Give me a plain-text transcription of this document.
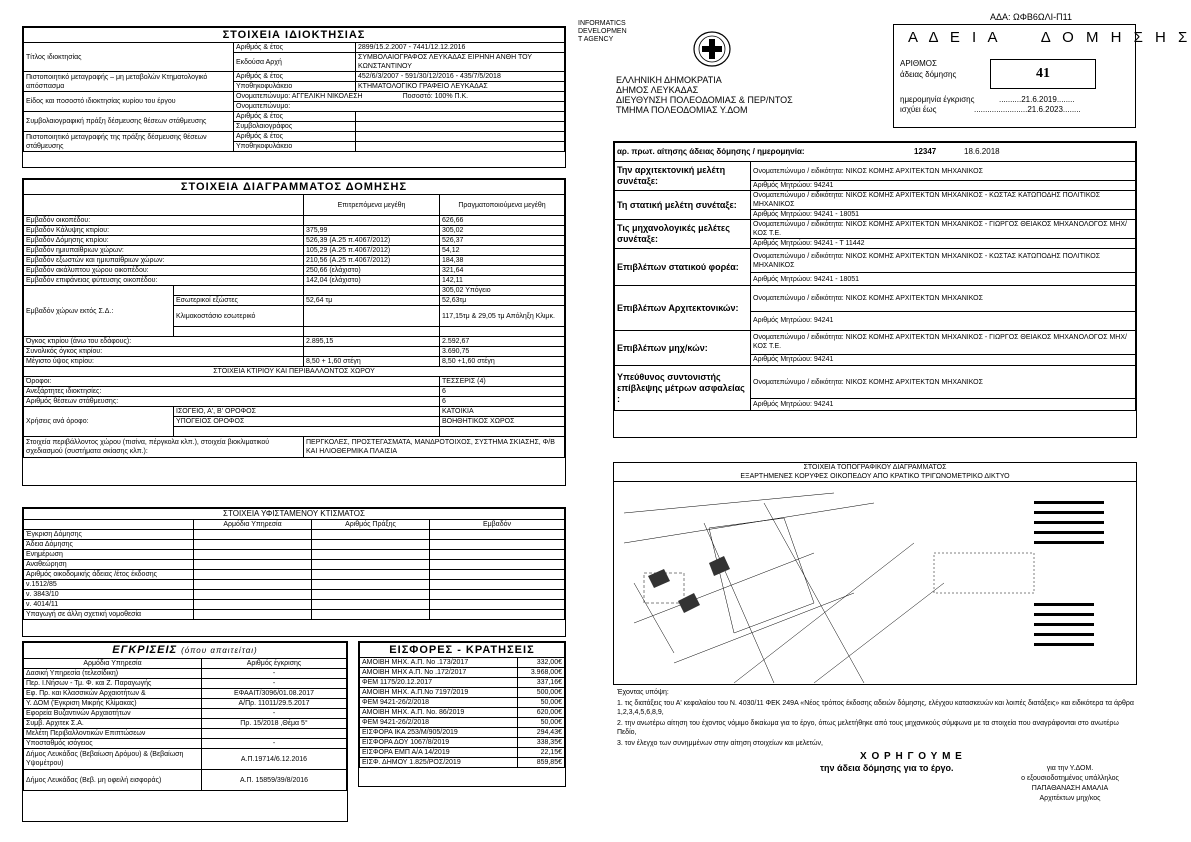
ΑΔΑ: ΩΦΒ6ΩΛΙ-Π11
INFORMATICS
DEVELOPMEN
T AGENCY
ΕΛΛΗΝΙΚΗ ΔΗΜΟΚΡΑΤΙΑ
ΔΗΜΟΣ ΛΕΥΚΑΔΑΣ
ΔΙΕΥΘΥΝΣΗ ΠΟΛΕΟΔΟΜΙΑΣ & ΠΕΡ/ΝΤΟΣ
ΤΜΗΜΑ ΠΟΛΕΟΔΟΜΙΑΣ Υ.ΔΟΜ
Α Δ Ε Ι Α     Δ Ο Μ Η Σ Η Σ
ΑΡΙΘΜΟΣ
άδειας δόμησης	41
ημερομηνία έγκρισης	..........21.6.2019........
ισχύει έως	........................21.6.2023........
ΣΤΟΙΧΕΙΑ ΙΔΙΟΚΤΗΣΙΑΣ		
Τίτλος ιδιοκτησίας	Αριθμός & έτος	2899/15.2.2007 - 7441/12.12.2016
	Εκδούσα Αρχή	ΣΥΜΒΟΛΑΙΟΓΡΑΦΟΣ ΛΕΥΚΑΔΑΣ ΕΙΡΗΝΗ ΑΝΘΗ ΤΟΥ ΚΩΝΣΤΑΝΤΙΝΟΥ
Πιστοποιητικό μεταγραφής – μη μεταβολών Κτηματολογικό απόσπασμα	Αριθμός & έτος	452/6/3/2007 - 591/30/12/2016 - 435/7/5/2018
	Υποθηκοφυλάκειο	ΚΤΗΜΑΤΟΛΟΓΙΚΟ ΓΡΑΦΕΙΟ ΛΕΥΚΑΔΑΣ
Είδος και ποσοστό ιδιοκτησίας κυρίου του έργου	Ονοματεπώνυμο: ΑΓΓΕΛΙΚΗ ΝΙΚΟΛΕΣΗ Ποσοστό: 100% Π.Κ.	
	Ονοματεπώνυμο:	
Συμβολαιογραφική πράξη δέσμευσης θέσεων στάθμευσης	Αριθμός & έτος	
	Συμβολαιογράφος	
Πιστοποιητικό μεταγραφής της πράξης δέσμευσης θέσεων στάθμευσης	Αριθμός & έτος	
	Υποθηκοφυλάκειο	
ΣΤΟΙΧΕΙΑ ΔΙΑΓΡΑΜΜΑΤΟΣ ΔΟΜΗΣΗΣ			
		Επιτρεπόμενα μεγέθη	Πραγματοποιούμενα μεγέθη
Εμβαδόν οικοπέδου:			626,66
Εμβαδόν Κάλυψης κτιρίου:		375,99	305,02
Εμβαδόν Δόμησης κτιρίου:		526,39 (Α.25 π.4067/2012)	526,37
Εμβαδόν ημιυπαίθριων χώρων:		105,29 (Α.25 π.4067/2012)	54,12
Εμβαδόν εξωστών και ημιυπαίθριων χώρων:		210,56 (Α.25 π.4067/2012)	184,38
Εμβαδόν ακάλυπτου χώρου οικοπέδου:		250,66 (ελάχιστο)	321,64
Εμβαδόν επιφάνειας φύτευσης οικοπέδου:		142,04 (ελάχιστο)	142,11
Εμβαδόν χώρων εκτός Σ.Δ.:			305,02 Υπόγειο
	Εσωτερικοί εξώστες	52,64 τμ	52,63τμ
	Κλιμακοστάσιο εσωτερικό		117,15τμ & 29,05 τμ Απόληξη Κλιμκ.

Όγκος κτιρίου (άνω του εδάφους):		2.895,15	2.592,67
Συνολικός όγκος κτιρίου:			3.690,75
Μέγιστο ύψος κτιρίου:		8,50 + 1,60 στέγη	8,50 +1,60 στέγη
ΣΤΟΙΧΕΙΑ ΚΤΙΡΙΟΥ ΚΑΙ ΠΕΡΙΒΑΛΛΟΝΤΟΣ ΧΩΡΟΥ			
Όροφοι:			ΤΕΣΣΕΡΙΣ (4)
Ανεξάρτητες ιδιοκτησίες:			6
Αριθμός θέσεων στάθμευσης:			6
Χρήσεις ανά όροφο:	ΙΣΟΓΕΙΟ, Α', Β' ΟΡΟΦΟΣ		ΚΑΤΟΙΚΙΑ
	ΥΠΟΓΕΙΟΣ ΟΡΟΦΟΣ		ΒΟΗΘΗΤΙΚΟΣ ΧΩΡΟΣ

Στοιχεία περιβάλλοντος χώρου (πισίνα, πέργκολα κλπ.), στοιχεία βιοκλιματικού σχεδιασμού (συστήματα σκίασης κλπ.):		ΠΕΡΓΚΟΛΕΣ, ΠΡΟΣΤΕΓΑΣΜΑΤΑ, ΜΑΝΔΡΟΤΟΙΧΟΣ, ΣΥΣΤΗΜΑ ΣΚΙΑΣΗΣ, Φ/Β ΚΑΙ ΗΛΙΟΘΕΡΜΙΚΑ ΠΛΑΙΣΙΑ	
ΣΤΟΙΧΕΙΑ ΥΦΙΣΤΑΜΕΝΟΥ ΚΤΙΣΜΑΤΟΣ			
	Αρμόδια Υπηρεσία	Αριθμός Πράξης	Εμβαδόν
Έγκριση Δόμησης			
Άδεια Δόμησης			
Ενημέρωση			
Αναθεώρηση			
Αριθμός οικοδομικής άδειας /έτος έκδοσης			
ν.1512/85			
ν. 3843/10			
ν. 4014/11			
Υπαγωγή σε άλλη σχετική νομοθεσία			
ΕΓΚΡΙΣΕΙΣ (όπου απαιτείται)	
Αρμόδια Υπηρεσία	Αριθμός έγκρισης
Δασική Υπηρεσία (τελεσίδικη)	-
Περ. Ι.Νήσων - Τμ. Φ. και Ζ. Παραγωγής	-
Εφ. Πρ. και Κλασσικών Αρχαιοτήτων &	ΕΦΑΑΙΤ/3096/01.08.2017
Υ. ΔΟΜ (Έγκριση Μικρής Κλίμακας)	Α/Πρ. 11011/29.5.2017
Εφορεία Βυζαντινών Αρχαιοτήτων	-
Συμβ. Αρχιτεκ Σ.Α.	Πρ. 15/2018 ,Θέμα 5°
Μελέτη Περιβαλλοντικών Επιπτώσεων	
Υποσταθμός ισόγειος	-
Δήμος Λευκάδας (Βεβαίωση Δρόμου) & (Βεβαίωση Υψομέτρου)	Α.Π.19714/6.12.2016
Δήμος Λευκάδας (Βεβ. μη οφειλή εισφοράς)	Α.Π. 15859/39/8/2016
ΕΙΣΦΟΡΕΣ - ΚΡΑΤΗΣΕΙΣ	
ΑΜΟΙΒΗ ΜΗΧ. Α.Π. Νο .173/2017	332,00€
ΑΜΟΙΒΗ ΜΗΧ Α.Π. Νο .172/2017	3.968,00€
ΦΕΜ 1175/20.12.2017	337,16€
ΑΜΟΙΒΗ ΜΗΧ. Α.Π.Νο 7197/2019	500,00€
ΦΕΜ 9421-26/2/2018	50,00€
ΑΜΟΙΒΗ ΜΗΧ. Α.Π. Νο. 86/2019	620,00€
ΦΕΜ 9421-26/2/2018	50,00€
ΕΙΣΦΟΡΑ ΙΚΑ 253/Μ/905/2019	294,43€
ΕΙΣΦΟΡΑ ΔΟΥ 1067/8/2019	338,35€
ΕΙΣΦΟΡΑ ΕΜΠ Α/Α 14/2019	22,15€
ΕΙΣΦ. ΔΗΜΟΥ 1.825/ΡΟΣ/2019	859,85€
αρ. πρωτ. αίτησης άδειας δόμησης / ημερομηνία: 12347 18.6.2018	

Την αρχιτεκτονική μελέτη συνέταξε:	Ονοματεπώνυμο / ειδικότητα: ΝΙΚΟΣ ΚΟΜΗΣ ΑΡΧΙΤΕΚΤΩΝ ΜΗΧΑΝΙΚΟΣ
	Αριθμός Μητρώου: 94241
Τη στατική μελέτη συνέταξε:	Ονοματεπώνυμο / ειδικότητα: ΝΙΚΟΣ ΚΟΜΗΣ ΑΡΧΙΤΕΚΤΩΝ ΜΗΧΑΝΙΚΟΣ - ΚΩΣΤΑΣ ΚΑΤΩΠΟΔΗΣ ΠΟΛΙΤΙΚΟΣ ΜΗΧΑΝΙΚΟΣ
	Αριθμός Μητρώου: 94241 - 18051
Τις μηχανολογικές μελέτες συνέταξε:	Ονοματεπώνυμο / ειδικότητα: ΝΙΚΟΣ ΚΟΜΗΣ ΑΡΧΙΤΕΚΤΩΝ ΜΗΧΑΝΙΚΟΣ - ΓΙΩΡΓΟΣ ΘΕΙΑΚΟΣ ΜΗΧΑΝΟΛΟΓΟΣ ΜΗΧ/ΚΟΣ Τ.Ε.
	Αριθμός Μητρώου: 94241 - Τ 11442
Επιβλέπων στατικού φορέα:	Ονοματεπώνυμο / ειδικότητα: ΝΙΚΟΣ ΚΟΜΗΣ ΑΡΧΙΤΕΚΤΩΝ ΜΗΧΑΝΙΚΟΣ - ΚΩΣΤΑΣ ΚΑΤΩΠΟΔΗΣ ΠΟΛΙΤΙΚΟΣ ΜΗΧΑΝΙΚΟΣ
	Αριθμός Μητρώου: 94241 - 18051
Επιβλέπων Αρχιτεκτονικών:	Ονοματεπώνυμο / ειδικότητα: ΝΙΚΟΣ ΚΟΜΗΣ ΑΡΧΙΤΕΚΤΩΝ ΜΗΧΑΝΙΚΟΣ
	Αριθμός Μητρώου: 94241
Επιβλέπων μηχ/κών:	Ονοματεπώνυμο / ειδικότητα: ΝΙΚΟΣ ΚΟΜΗΣ ΑΡΧΙΤΕΚΤΩΝ ΜΗΧΑΝΙΚΟΣ - ΓΙΩΡΓΟΣ ΘΕΙΑΚΟΣ ΜΗΧΑΝΟΛΟΓΟΣ ΜΗΧ/ΚΟΣ Τ.Ε.
	Αριθμός Μητρώου: 94241
Υπεύθυνος συντονιστής επίβλεψης μέτρων ασφαλείας :	Ονοματεπώνυμο / ειδικότητα: ΝΙΚΟΣ ΚΟΜΗΣ ΑΡΧΙΤΕΚΤΩΝ ΜΗΧΑΝΙΚΟΣ
	Αριθμός Μητρώου: 94241
ΣΤΟΙΧΕΙΑ ΤΟΠΟΓΡΑΦΙΚΟΥ ΔΙΑΓΡΑΜΜΑΤΟΣ
ΕΞΑΡΤΗΜΕΝΕΣ ΚΟΡΥΦΕΣ ΟΙΚΟΠΕΔΟΥ ΑΠΟ ΚΡΑΤΙΚΟ ΤΡΙΓΩΝΟΜΕΤΡΙΚΟ ΔΙΚΤΥΟ
Έχοντας υπόψη:
1. τις διατάξεις του Α' κεφαλαίου του Ν. 4030/11 ΦΕΚ 249Α «Νέος τρόπος έκδοσης αδειών δόμησης, ελέγχου κατασκευών και λοιπές διατάξεις» και ειδικότερα τα άρθρα 1,2,3,4,5,6,8,9,
2. την ανωτέρω αίτηση του έχοντος νόμιμο δικαίωμα για το έργο, όπως μελετήθηκε από τους μηχανικούς σύμφωνα με τα στοιχεία που αναγράφονται στο ανωτέρω Πεδίο,
3. τον έλεγχο των συνημμένων στην αίτηση στοιχείων και μελετών,
Χ Ο Ρ Η Γ Ο Υ Μ Ε
την άδεια δόμησης για το έργο.	για την Υ.ΔΟΜ.
ο εξουσιοδοτημένος υπάλληλος
ΠΑΠΑΘΑΝΑΣΗ ΑΜΑΛΙΑ
Αρχιτέκτων μηχ/κος
